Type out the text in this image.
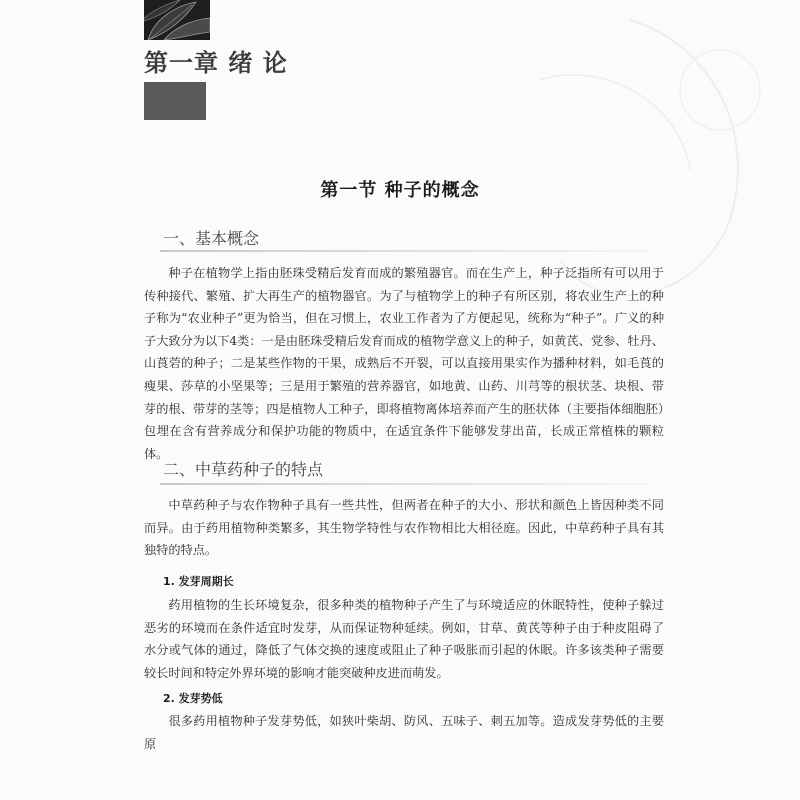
第一章 绪 论
第一节 种子的概念
一、基本概念

种子在植物学上指由胚珠受精后发育而成的繁殖器官。而在生产上，种子泛指所有可以用于传种接代、繁殖、扩大再生产的植物器官。为了与植物学上的种子有所区别，将农业生产上的种子称为“农业种子”更为恰当，但在习惯上，农业工作者为了方便起见，统称为“种子”。广义的种子大致分为以下4类：一是由胚珠受精后发育而成的植物学意义上的种子，如黄芪、党参、牡丹、山莨菪的种子；二是某些作物的干果，成熟后不开裂，可以直接用果实作为播种材料，如毛莨的瘦果、莎草的小坚果等；三是用于繁殖的营养器官，如地黄、山药、川芎等的根状茎、块根、带芽的根、带芽的茎等；四是植物人工种子，即将植物离体培养而产生的胚状体（主要指体细胞胚）包埋在含有营养成分和保护功能的物质中，在适宜条件下能够发芽出苗，长成正常植株的颗粒体。

二、中草药种子的特点

中草药种子与农作物种子具有一些共性，但两者在种子的大小、形状和颜色上皆因种类不同而异。由于药用植物种类繁多，其生物学特性与农作物相比大相径庭。因此，中草药种子具有其独特的特点。

1. 发芽周期长

药用植物的生长环境复杂，很多种类的植物种子产生了与环境适应的休眠特性，使种子躲过恶劣的环境而在条件适宜时发芽，从而保证物种延续。例如，甘草、黄芪等种子由于种皮阻碍了水分或气体的通过，降低了气体交换的速度或阻止了种子吸胀而引起的休眠。许多该类种子需要较长时间和特定外界环境的影响才能突破种皮进而萌发。

2. 发芽势低

很多药用植物种子发芽势低，如狭叶柴胡、防风、五味子、刺五加等。造成发芽势低的主要原
